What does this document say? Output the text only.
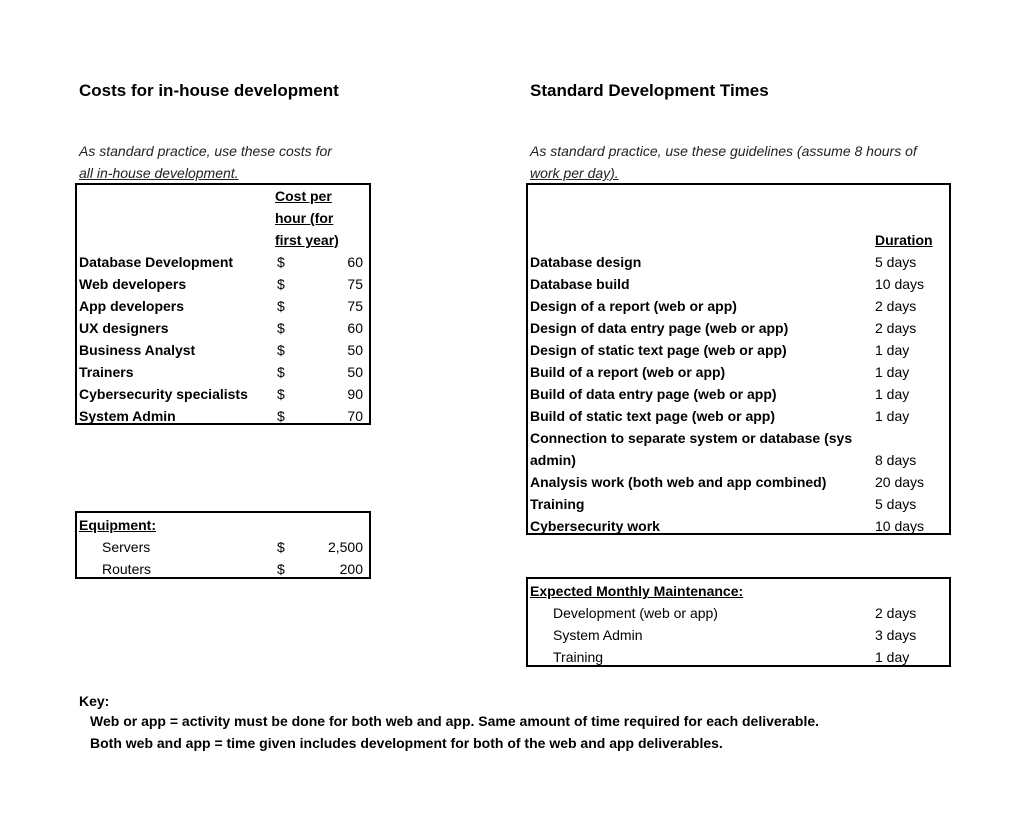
Costs for in-house development
As standard practice, use these costs for
all in-house development.
Cost per
hour (for
first year)
Database Development	$	60
Web developers	$	75
App developers	$	75
UX designers	$	60
Business Analyst	$	50
Trainers	$	50
Cybersecurity specialists $	90
System Admin	$	70
Equipment:
Servers	$	2,500
Routers	$	200
Standard Development Times
As standard practice, use these guidelines (assume 8 hours of
work per day).
Duration
Database design	5 days
Database build	10 days
Design of a report (web or app)	2 days
Design of data entry page (web or app)	2 days
Design of static text page (web or app)	1 day
Build of a report (web or app)	1 day
Build of data entry page (web or app)	1 day
Build of static text page (web or app)	1 day
Connection to separate system or database (sys
admin)	8 days
Analysis work (both web and app combined)	20 days
Training	5 days
Cybersecurity work	10 days
Expected Monthly Maintenance:
Development (web or app)	2 days
System Admin	3 days
Training	1 day
Key:
Web or app = activity must be done for both web and app. Same amount of time required for each deliverable.
Both web and app = time given includes development for both of the web and app deliverables.
